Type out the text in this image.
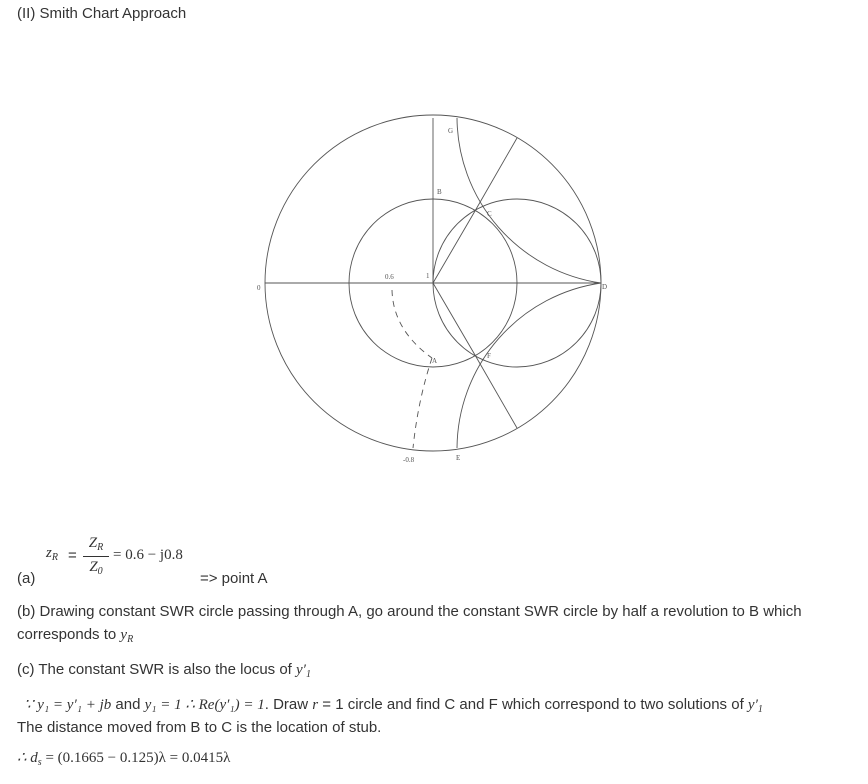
(II) Smith Chart Approach
G
B
C
1
D
0
0.6
A
F
-0.8	E
$z_R$ =
$Z_R$
$Z_0$
= 0.6 − j0.8
(a)	=> point A
(b) Drawing constant SWR circle passing through A, go around the constant SWR circle by half a revolution to B which
corresponds to $y_R$
(c) The constant SWR is also the locus of $y'_1$
∵ y₁ = y′₁ + jb and y₁ = 1 ∴ Re(y′₁) = 1. Draw r = 1 circle and find C and F which correspond to two solutions of $y'_1$
The distance moved from B to C is the location of stub.
∴ $d_s = (0.1665 - 0.125)\lambda = 0.0415\lambda$
